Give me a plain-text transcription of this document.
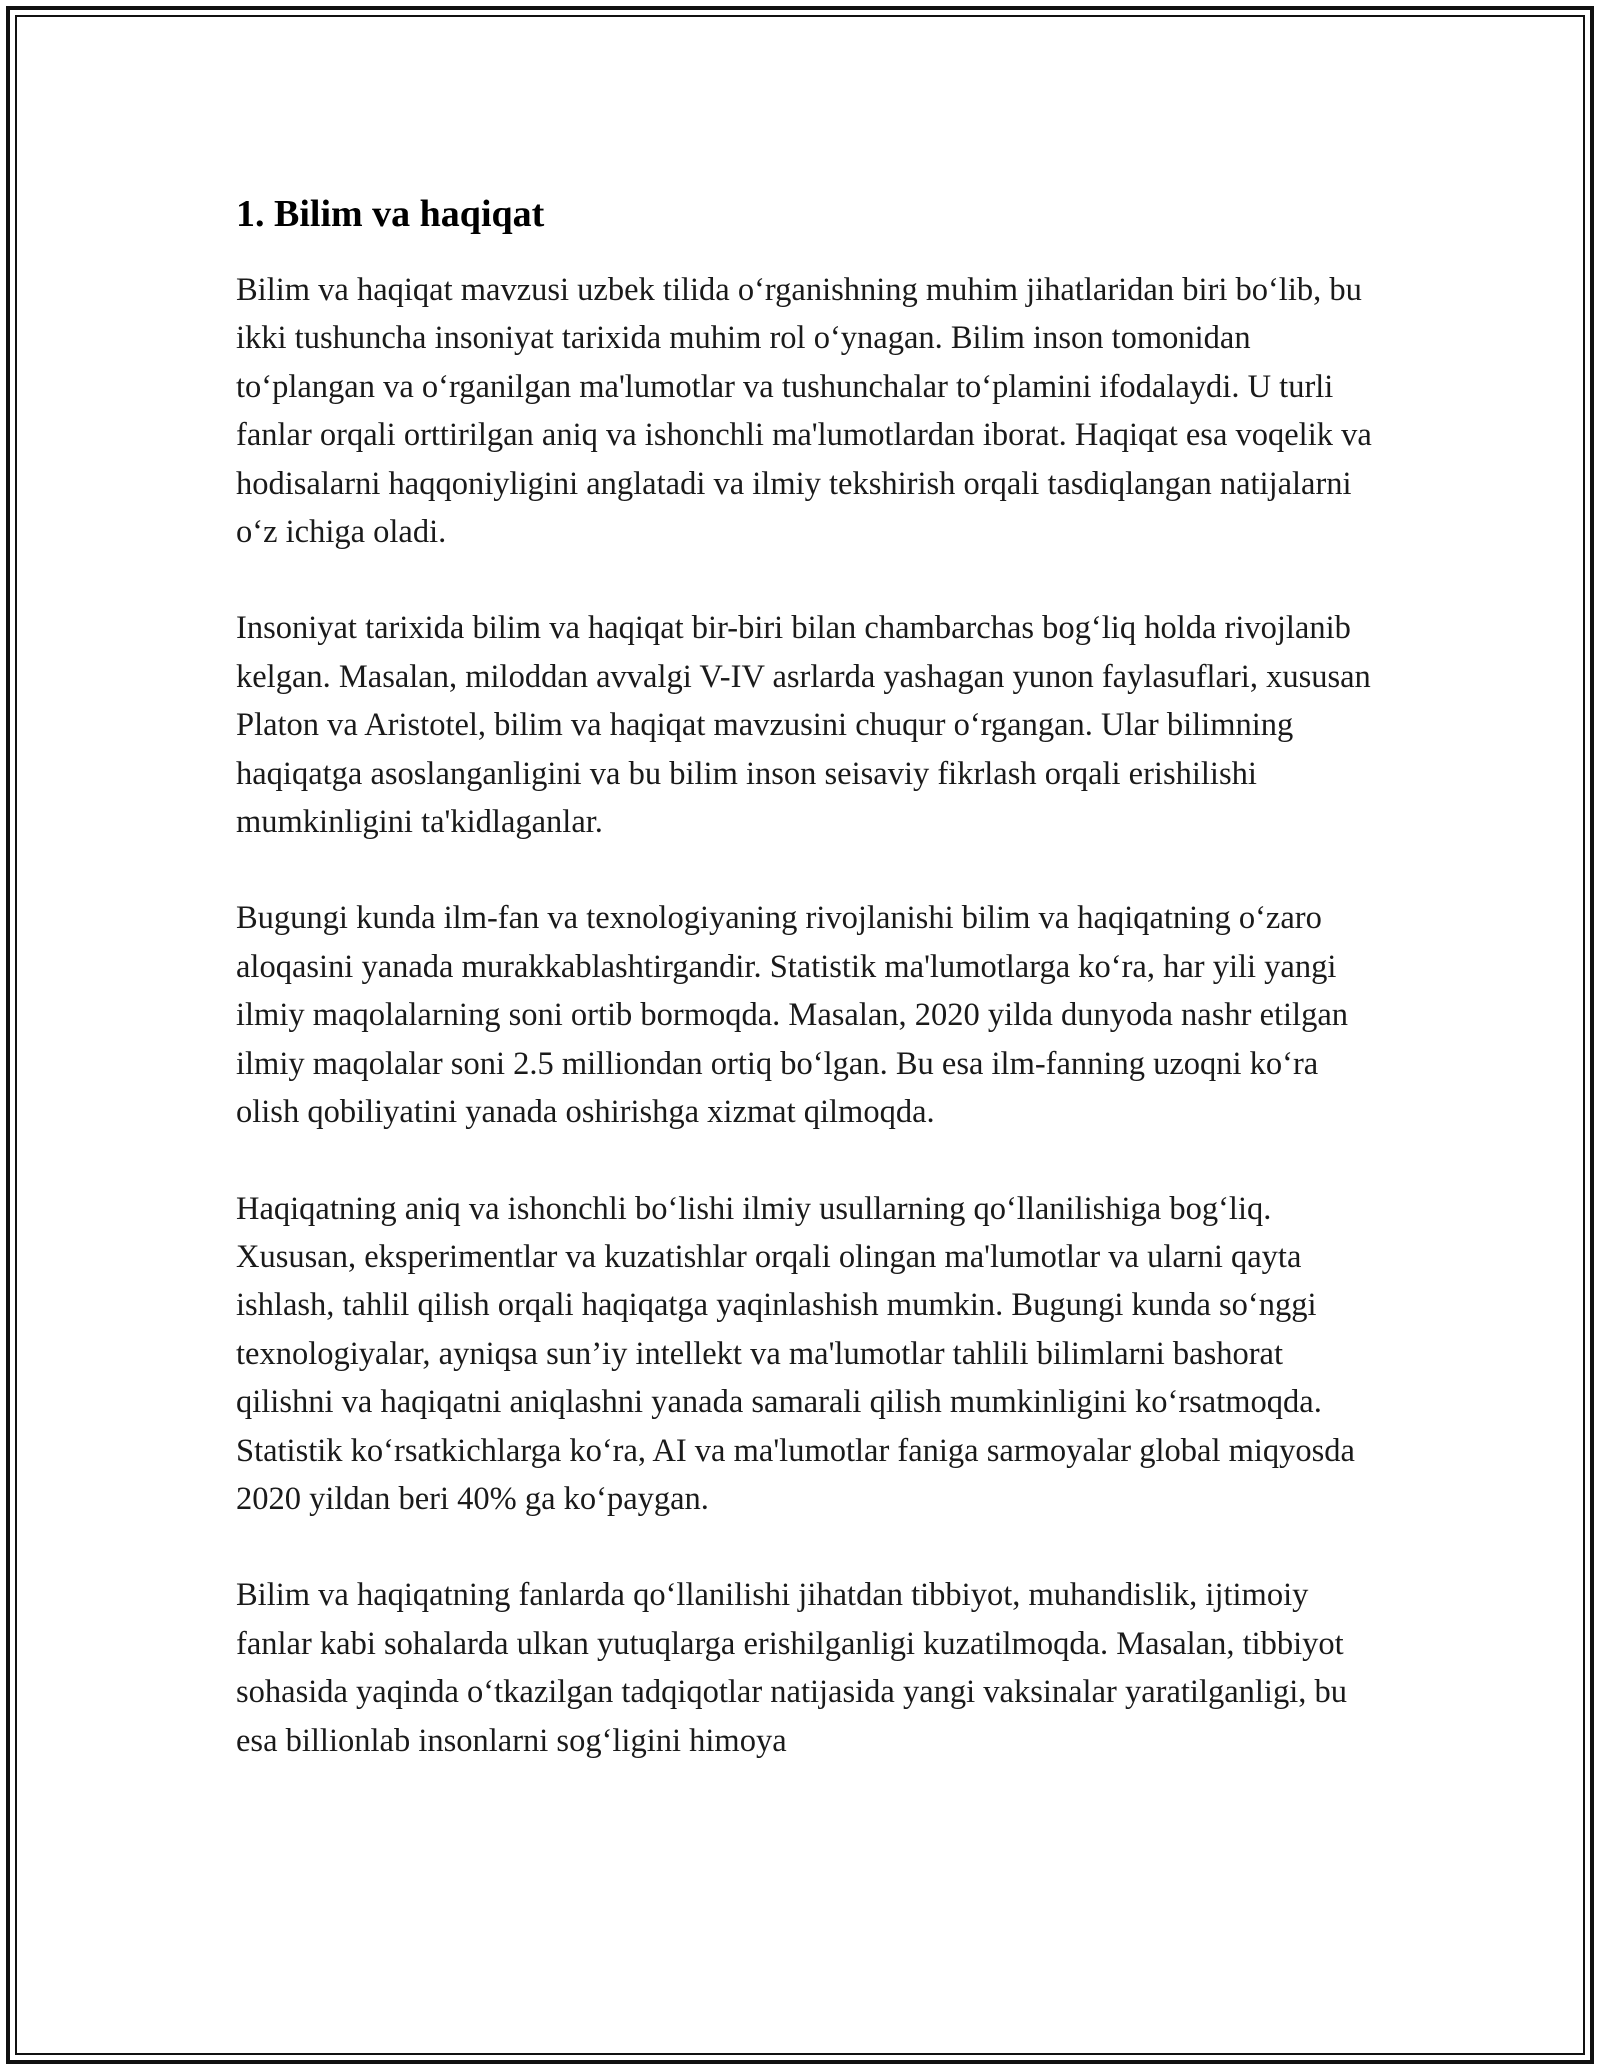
1. Bilim va haqiqat

Bilim va haqiqat mavzusi uzbek tilida oʻrganishning muhim jihatlaridan biri boʻlib, bu ikki tushuncha insoniyat tarixida muhim rol oʻynagan. Bilim inson tomonidan toʻplangan va oʻrganilgan ma'lumotlar va tushunchalar toʻplamini ifodalaydi. U turli fanlar orqali orttirilgan aniq va ishonchli ma'lumotlardan iborat. Haqiqat esa voqelik va hodisalarni haqqoniyligini anglatadi va ilmiy tekshirish orqali tasdiqlangan natijalarni oʻz ichiga oladi.

Insoniyat tarixida bilim va haqiqat bir-biri bilan chambarchas bogʻliq holda rivojlanib kelgan. Masalan, miloddan avvalgi V-IV asrlarda yashagan yunon faylasuflari, xususan Platon va Aristotel, bilim va haqiqat mavzusini chuqur oʻrgangan. Ular bilimning haqiqatga asoslanganligini va bu bilim inson seisaviy fikrlash orqali erishilishi mumkinligini ta'kidlaganlar.

Bugungi kunda ilm-fan va texnologiyaning rivojlanishi bilim va haqiqatning oʻzaro aloqasini yanada murakkablashtirgandir. Statistik ma'lumotlarga koʻra, har yili yangi ilmiy maqolalarning soni ortib bormoqda. Masalan, 2020 yilda dunyoda nashr etilgan ilmiy maqolalar soni 2.5 milliondan ortiq boʻlgan. Bu esa ilm-fanning uzoqni koʻra olish qobiliyatini yanada oshirishga xizmat qilmoqda.

Haqiqatning aniq va ishonchli boʻlishi ilmiy usullarning qoʻllanilishiga bogʻliq. Xususan, eksperimentlar va kuzatishlar orqali olingan ma'lumotlar va ularni qayta ishlash, tahlil qilish orqali haqiqatga yaqinlashish mumkin. Bugungi kunda soʻnggi texnologiyalar, ayniqsa sun’iy intellekt va ma'lumotlar tahlili bilimlarni bashorat qilishni va haqiqatni aniqlashni yanada samarali qilish mumkinligini koʻrsatmoqda. Statistik koʻrsatkichlarga koʻra, AI va ma'lumotlar faniga sarmoyalar global miqyosda 2020 yildan beri 40% ga koʻpaygan.

Bilim va haqiqatning fanlarda qoʻllanilishi jihatdan tibbiyot, muhandislik, ijtimoiy fanlar kabi sohalarda ulkan yutuqlarga erishilganligi kuzatilmoqda. Masalan, tibbiyot sohasida yaqinda oʻtkazilgan tadqiqotlar natijasida yangi vaksinalar yaratilganligi, bu esa billionlab insonlarni sogʻligini himoya
